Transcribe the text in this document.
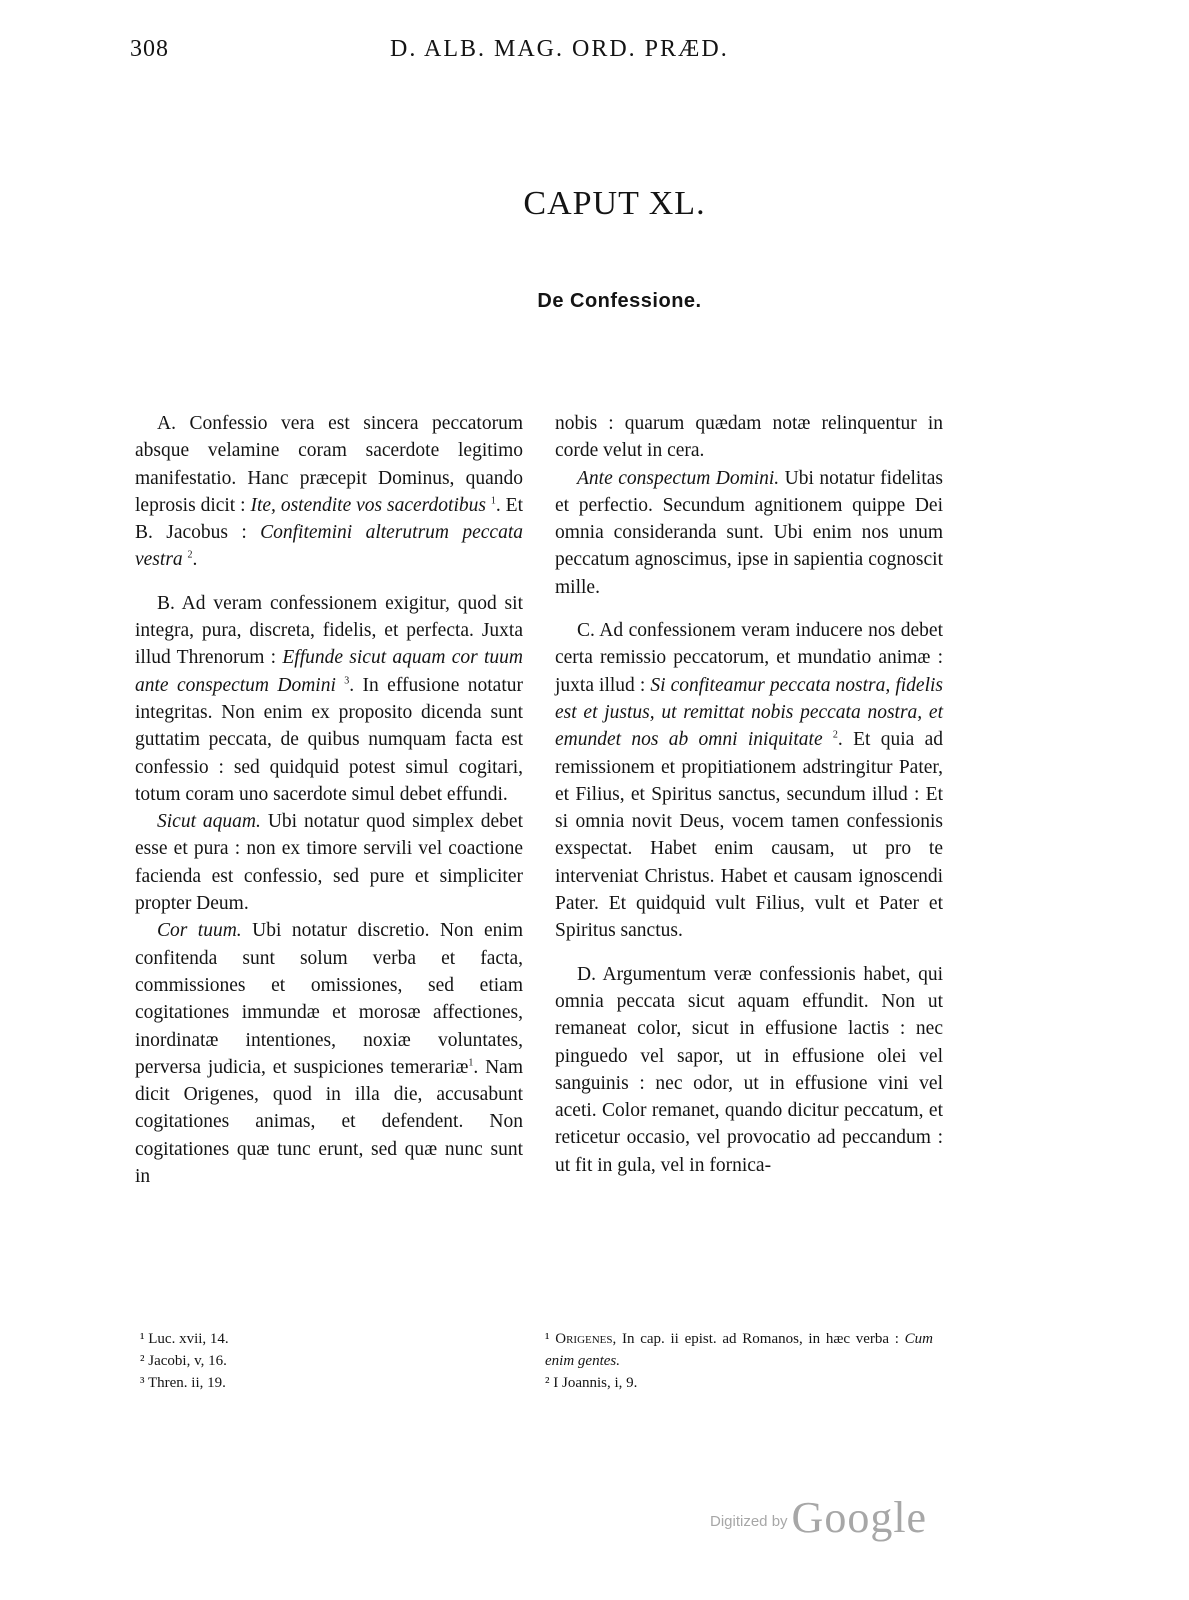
308	D. ALB. MAG. ORD. PRÆD.
CAPUT XL.
De Confessione.

A. Confessio vera est sincera peccatorum absque velamine coram sacerdote legitimo manifestatio. Hanc præcepit Dominus, quando leprosis dicit : Ite, ostendite vos sacerdotibus $^1$. Et B. Jacobus : Confitemini alterutrum peccata vestra $^2$.

B. Ad veram confessionem exigitur, quod sit integra, pura, discreta, fidelis, et perfecta. Juxta illud Threnorum : Effunde sicut aquam cor tuum ante conspectum Domini $^3$. In effusione notatur integritas. Non enim ex proposito dicenda sunt guttatim peccata, de quibus numquam facta est confessio : sed quidquid potest simul cogitari, totum coram uno sacerdote simul debet effundi.

Sicut aquam. Ubi notatur quod simplex debet esse et pura : non ex timore servili vel coactione facienda est confessio, sed pure et simpliciter propter Deum.

Cor tuum. Ubi notatur discretio. Non enim confitenda sunt solum verba et facta, commissiones et omissiones, sed etiam cogitationes immundæ et morosæ affectiones, inordinatæ intentiones, noxiæ voluntates, perversa judicia, et suspiciones temerariæ$^1$. Nam dicit Origenes, quod in illa die, accusabunt cogitationes animas, et defendent. Non cogitationes quæ tunc erunt, sed quæ nunc sunt in

nobis : quarum quædam notæ relinquentur in corde velut in cera.

Ante conspectum Domini. Ubi notatur fidelitas et perfectio. Secundum agnitionem quippe Dei omnia consideranda sunt. Ubi enim nos unum peccatum agnoscimus, ipse in sapientia cognoscit mille.

C. Ad confessionem veram inducere nos debet certa remissio peccatorum, et mundatio animæ : juxta illud : Si confiteamur peccata nostra, fidelis est et justus, ut remittat nobis peccata nostra, et emundet nos ab omni iniquitate $^2$. Et quia ad remissionem et propitiationem adstringitur Pater, et Filius, et Spiritus sanctus, secundum illud : Et si omnia novit Deus, vocem tamen confessionis exspectat. Habet enim causam, ut pro te interveniat Christus. Habet et causam ignoscendi Pater. Et quidquid vult Filius, vult et Pater et Spiritus sanctus.

D. Argumentum veræ confessionis habet, qui omnia peccata sicut aquam effundit. Non ut remaneat color, sicut in effusione lactis : nec pinguedo vel sapor, ut in effusione olei vel sanguinis : nec odor, ut in effusione vini vel aceti. Color remanet, quando dicitur peccatum, et reticetur occasio, vel provocatio ad peccandum : ut fit in gula, vel in fornica-

¹ Luc. xvii, 14.

² Jacobi, v, 16.

³ Thren. ii, 19.

¹ Origenes, In cap. ii epist. ad Romanos, in hæc verba : Cum enim gentes.

² I Joannis, i, 9.

Digitized by Google
